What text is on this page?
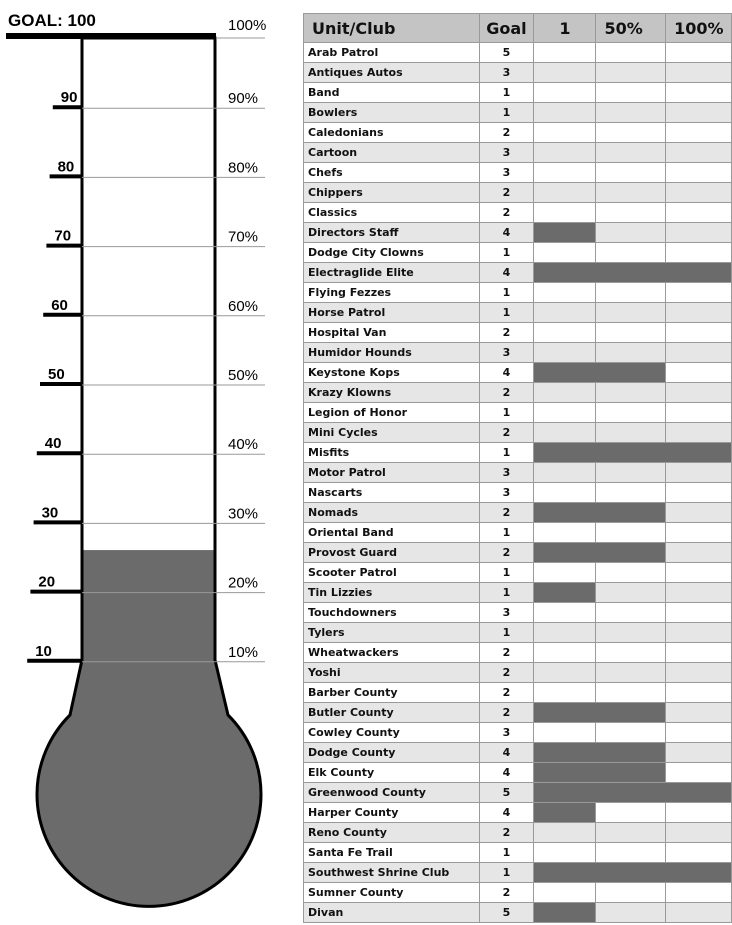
GOAL: 100	100%
10	10%
20	20%
30	30%
40	40%
50	50%
60	60%
70	70%
80	80%
90	90%
Unit/Club	Goal	1	50%	100%
Arab Patrol	5			
Antiques Autos	3			
Band	1			
Bowlers	1			
Caledonians	2			
Cartoon	3			
Chefs	3			
Chippers	2			
Classics	2			
Directors Staff	4			
Dodge City Clowns	1			
Electraglide Elite	4			
Flying Fezzes	1			
Horse Patrol	1			
Hospital Van	2			
Humidor Hounds	3			
Keystone Kops	4			
Krazy Klowns	2			
Legion of Honor	1			
Mini Cycles	2			
Misfits	1			
Motor Patrol	3			
Nascarts	3			
Nomads	2			
Oriental Band	1			
Provost Guard	2			
Scooter Patrol	1			
Tin Lizzies	1			
Touchdowners	3			
Tylers	1			
Wheatwackers	2			
Yoshi	2			
Barber County	2			
Butler County	2			
Cowley County	3			
Dodge County	4			
Elk County	4			
Greenwood County	5			
Harper County	4			
Reno County	2			
Santa Fe Trail	1			
Southwest Shrine Club	1			
Sumner County	2			
Divan	5			
